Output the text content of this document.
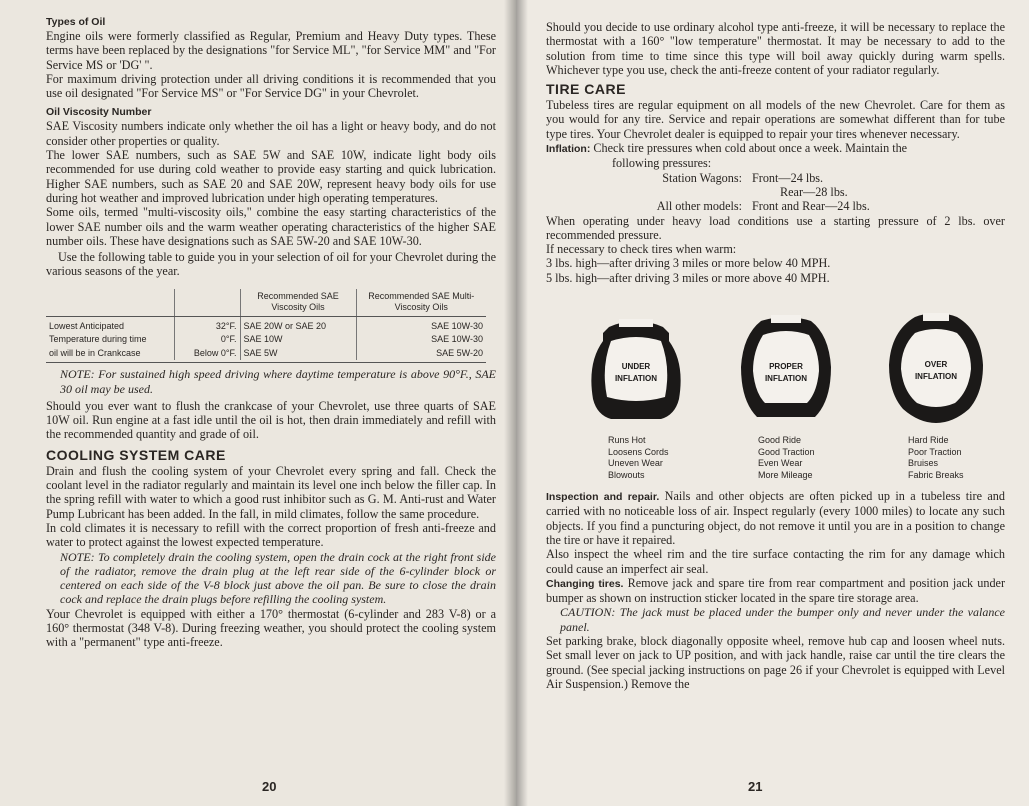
Types of Oil

Engine oils were formerly classified as Regular, Premium and Heavy Duty types. These terms have been replaced by the designations "for Service ML", "for Service MM" and "For Service MS or 'DG' ".

For maximum driving protection under all driving conditions it is recommended that you use oil designated "For Service MS" or "For Service DG" in your Chevrolet.

Oil Viscosity Number

SAE Viscosity numbers indicate only whether the oil has a light or heavy body, and do not consider other properties or quality.

The lower SAE numbers, such as SAE 5W and SAE 10W, indicate light body oils recommended for use during cold weather to provide easy starting and quick lubrication. Higher SAE numbers, such as SAE 20 and SAE 20W, represent heavy body oils for use during hot weather and improved lubrication under high operating temperatures.

Some oils, termed "multi-viscosity oils," combine the easy starting characteristics of the lower SAE number oils and the warm weather operating characteristics of the higher SAE number oils. These have designations such as SAE 5W-20 and SAE 10W-30.

Use the following table to guide you in your selection of oil for your Chevrolet during the various seasons of the year.

		Recommended SAE Viscosity Oils	Recommended SAE Multi-Viscosity Oils
Lowest Anticipated	32°F.	SAE 20W or SAE 20	SAE 10W-30
Temperature during time	0°F.	SAE 10W	SAE 10W-30
oil will be in Crankcase	Below 0°F.	SAE 5W	SAE 5W-20

NOTE: For sustained high speed driving where daytime temperature is above 90°F., SAE 30 oil may be used.

Should you ever want to flush the crankcase of your Chevrolet, use three quarts of SAE 10W oil. Run engine at a fast idle until the oil is hot, then drain immediately and refill with the recommended quantity and grade of oil.

COOLING SYSTEM CARE

Drain and flush the cooling system of your Chevrolet every spring and fall. Check the coolant level in the radiator regularly and maintain its level one inch below the filler cap. In the spring refill with water to which a good rust inhibitor such as G. M. Anti-rust and Water Pump Lubricant has been added. In the fall, in mild climates, follow the same procedure.

In cold climates it is necessary to refill with the correct proportion of fresh anti-freeze and water to protect against the lowest expected temperature.

NOTE: To completely drain the cooling system, open the drain cock at the right front side of the radiator, remove the drain plug at the left rear side of the 6-cylinder block or centered on each side of the V-8 block just above the oil pan. Be sure to close the drain cock and replace the drain plugs before refilling the cooling system.

Your Chevrolet is equipped with either a 170° thermostat (6-cylinder and 283 V-8) or a 160° thermostat (348 V-8). During freezing weather, you should protect the cooling system with a "permanent" type anti-freeze.

20

Should you decide to use ordinary alcohol type anti-freeze, it will be necessary to replace the thermostat with a 160° "low temperature" thermostat. It may be necessary to add to the solution from time to time since this type will boil away quickly during warm spells. Whichever type you use, check the anti-freeze content of your radiator regularly.

TIRE CARE

Tubeless tires are regular equipment on all models of the new Chevrolet. Care for them as you would for any tire. Service and repair operations are somewhat different than for tube type tires. Your Chevrolet dealer is equipped to repair your tires whenever necessary.

Inflation: Check tire pressures when cold about once a week. Maintain the

following pressures:
Station Wagons: Front—24 lbs.
Rear—28 lbs.
All other models: Front and Rear—24 lbs.

When operating under heavy load conditions use a starting pressure of 2 lbs. over recommended pressure.

If necessary to check tires when warm:

3 lbs. high—after driving 3 miles or more below 40 MPH.
5 lbs. high—after driving 3 miles or more above 40 MPH.
UNDER
INFLATION
Runs Hot
Loosens Cords
Uneven Wear
Blowouts
PROPER
INFLATION
Good Ride
Good Traction
Even Wear
More Mileage
OVER
INFLATION
Hard Ride
Poor Traction
Bruises
Fabric Breaks

Inspection and repair. Nails and other objects are often picked up in a tubeless tire and carried with no noticeable loss of air. Inspect regularly (every 1000 miles) to locate any such objects. If you find a puncturing object, do not remove it until you are in a position to change the tire or have it repaired.

Also inspect the wheel rim and the tire surface contacting the rim for any damage which could cause an imperfect air seal.

Changing tires. Remove jack and spare tire from rear compartment and position jack under bumper as shown on instruction sticker located in the spare tire storage area.

CAUTION: The jack must be placed under the bumper only and never under the valance panel.

Set parking brake, block diagonally opposite wheel, remove hub cap and loosen wheel nuts. Set small lever on jack to UP position, and with jack handle, raise car until the tire clears the ground. (See special jacking instructions on page 26 if your Chevrolet is equipped with Level Air Suspension.) Remove the

21
